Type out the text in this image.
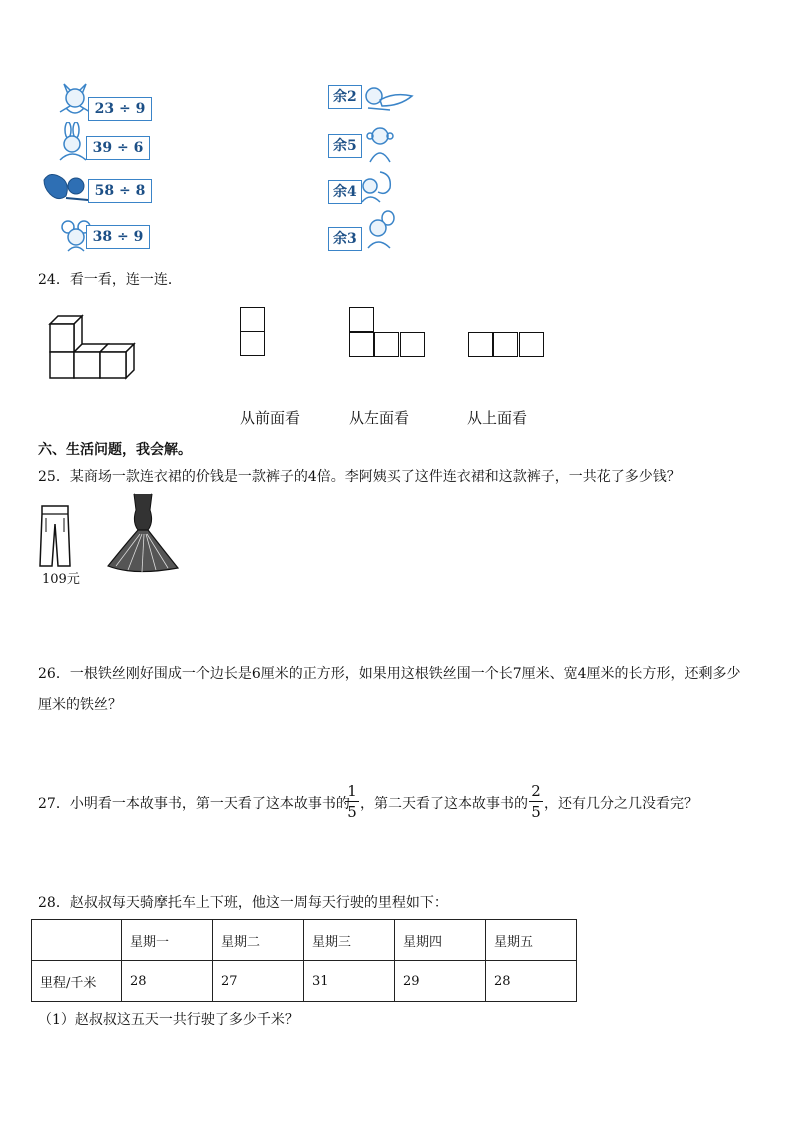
23 ÷ 9
39 ÷ 6
58 ÷ 8
38 ÷ 9
余2
余5
余4
余3
24．看一看，连一连．
从前面看	从左面看	从上面看
六、生活问题，我会解。
25．某商场一款连衣裙的价钱是一款裤子的4倍。李阿姨买了这件连衣裙和这款裤子，一共花了多少钱？
109元
26．一根铁丝刚好围成一个边长是6厘米的正方形，如果用这根铁丝围一个长7厘米、宽4厘米的长方形，还剩多少
厘米的铁丝？
27．小明看一本故事书，第一天看了这本故事书的
1
5 ，第二天看了这本故事书的
2
5 ，还有几分之几没看完？
28．赵叔叔每天骑摩托车上下班，他这一周每天行驶的里程如下：
	星期一	星期二	星期三	星期四	星期五
里程/千米	28	27	31	29	28
（1）赵叔叔这五天一共行驶了多少千米？
